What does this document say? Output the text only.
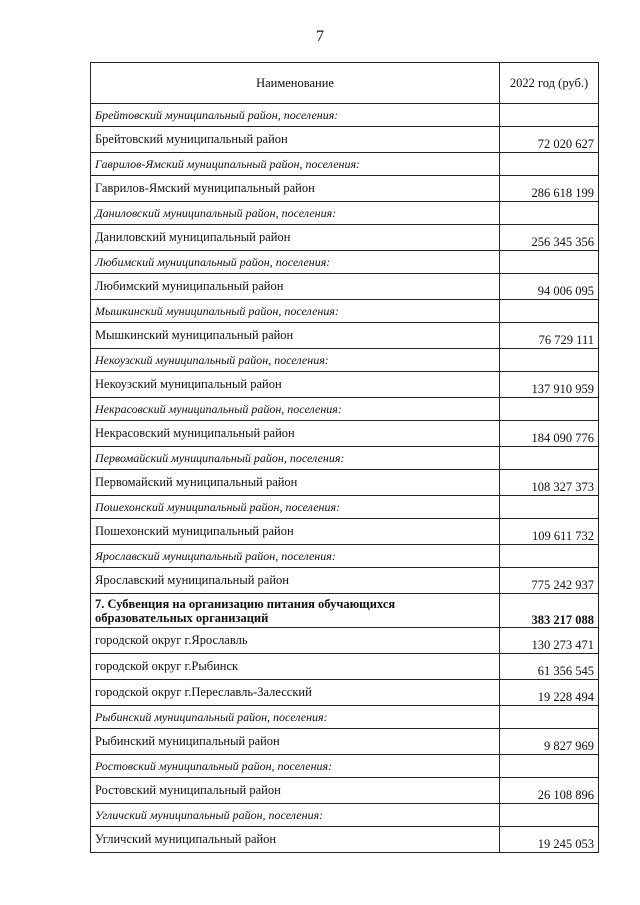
7
Наименование	2022 год (руб.)
Брейтовский муниципальный район, поселения:	
Брейтовский муниципальный район	72 020 627
Гаврилов-Ямский муниципальный район, поселения:	
Гаврилов-Ямский муниципальный район	286 618 199
Даниловский муниципальный район, поселения:	
Даниловский муниципальный район	256 345 356
Любимский муниципальный район, поселения:	
Любимский муниципальный район	94 006 095
Мышкинский муниципальный район, поселения:	
Мышкинский муниципальный район	76 729 111
Некоузский муниципальный район, поселения:	
Некоузский муниципальный район	137 910 959
Некрасовский муниципальный район, поселения:	
Некрасовский муниципальный район	184 090 776
Первомайский муниципальный район, поселения:	
Первомайский муниципальный район	108 327 373
Пошехонский муниципальный район, поселения:	
Пошехонский муниципальный район	109 611 732
Ярославский муниципальный район, поселения:	
Ярославский муниципальный район	775 242 937
7. Субвенция на организацию питания обучающихся образовательных организаций	383 217 088
городской округ г.Ярославль	130 273 471
городской округ г.Рыбинск	61 356 545
городской округ г.Переславль-Залесский	19 228 494
Рыбинский муниципальный район, поселения:	
Рыбинский муниципальный район	9 827 969
Ростовский муниципальный район, поселения:	
Ростовский муниципальный район	26 108 896
Угличский муниципальный район, поселения:	
Угличский муниципальный район	19 245 053
